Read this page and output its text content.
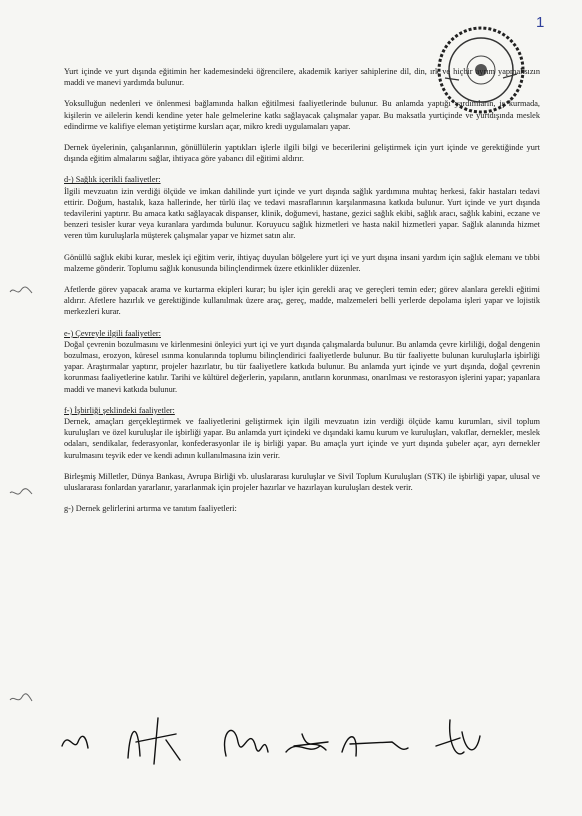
1

Yurt içinde ve yurt dışında eğitimin her kademesindeki öğrencilere, akademik kariyer sahiplerine dil, din, ırk ve hiçbir ayrım yapmaksızın maddi ve manevi yardımda bulunur.

Yoksulluğun nedenleri ve önlenmesi bağlamında halkın eğitilmesi faaliyetlerinde bulunur. Bu anlamda yaptığı yardımların, iş kurmada, kişilerin ve ailelerin kendi kendine yeter hale gelmelerine katkı sağlayacak çalışmalar yapar. Bu maksatla yurtiçinde ve yurtdışında meslek edindirme ve kalifiye eleman yetiştirme kursları açar, mikro kredi uygulamaları yapar.

Dernek üyelerinin, çalışanlarının, gönüllülerin yaptıkları işlerle ilgili bilgi ve becerilerini geliştirmek için yurt içinde ve gerektiğinde yurt dışında eğitim almalarını sağlar, ihtiyaca göre yabancı dil eğitimi aldırır.

d-) Sağlık içerikli faaliyetler:

İlgili mevzuatın izin verdiği ölçüde ve imkan dahilinde yurt içinde ve yurt dışında sağlık yardımına muhtaç herkesi, fakir hastaları tedavi ettirir. Doğum, hastalık, kaza hallerinde, her türlü ilaç ve tedavi masraflarının karşılanmasına katkıda bulunur. Yurt içinde ve yurt dışında tedavilerini yaptırır. Bu amaca katkı sağlayacak dispanser, klinik, doğumevi, hastane, gezici sağlık ekibi, sağlık aracı, sağlık kabini, eczane ve benzeri tesisler kurar veya kuranlara yardımda bulunur. Koruyucu sağlık hizmetleri ve hasta nakil hizmetleri yapar. Sağlık alanında hizmet veren tüm kuruluşlarla müşterek çalışmalar yapar ve hizmet satın alır.

Gönüllü sağlık ekibi kurar, meslek içi eğitim verir, ihtiyaç duyulan bölgelere yurt içi ve yurt dışına insani yardım için sağlık elemanı ve tıbbi malzeme gönderir. Toplumu sağlık konusunda bilinçlendirmek üzere etkinlikler düzenler.

Afetlerde görev yapacak arama ve kurtarma ekipleri kurar; bu işler için gerekli araç ve gereçleri temin eder; görev alanlara gerekli eğitimi aldırır. Afetlere hazırlık ve gerektiğinde kullanılmak üzere araç, gereç, madde, malzemeleri belli yerlerde depolama işleri yapar ve lojistik merkezleri kurar.

e-) Çevreyle ilgili faaliyetler:

Doğal çevrenin bozulmasını ve kirlenmesini önleyici yurt içi ve yurt dışında çalışmalarda bulunur. Bu anlamda çevre kirliliği, doğal dengenin bozulması, erozyon, küresel ısınma konularında toplumu bilinçlendirici faaliyetlerde bulunur. Bu tür faaliyette bulunan kuruluşlarla işbirliği yapar. Araştırmalar yaptırır, projeler hazırlatır, bu tür faaliyetlere katkıda bulunur. Bu anlamda yurt içinde ve yurt dışında, doğal çevrenin korunması faaliyetlerine katılır. Tarihi ve kültürel değerlerin, yapıların, anıtların korunması, onarılması ve restorasyon işlerini yapar; yapanlara maddi ve manevi katkıda bulunur.

f-) İşbirliği şeklindeki faaliyetler:

Dernek, amaçları gerçekleştirmek ve faaliyetlerini geliştirmek için ilgili mevzuatın izin verdiği ölçüde kamu kurumları, sivil toplum kuruluşları ve özel kuruluşlar ile işbirliği yapar. Bu anlamda yurt içindeki ve dışındaki kamu kurum ve kuruluşları, vakıflar, dernekler, meslek odaları, sendikalar, federasyonlar, konfederasyonlar ile iş birliği yapar. Bu amaçla yurt içinde ve yurt dışında şubeler açar, ayrı dernekler kurulmasını teşvik eder ve kendi adının kullanılmasına izin verir.

Birleşmiş Milletler, Dünya Bankası, Avrupa Birliği vb. uluslararası kuruluşlar ve Sivil Toplum Kuruluşları (STK) ile işbirliği yapar, ulusal ve uluslararası fonlardan yararlanır, yararlanmak için projeler hazırlar ve hazırlayan kuruluşları destek verir.

g-) Dernek gelirlerini artırma ve tanıtım faaliyetleri:
